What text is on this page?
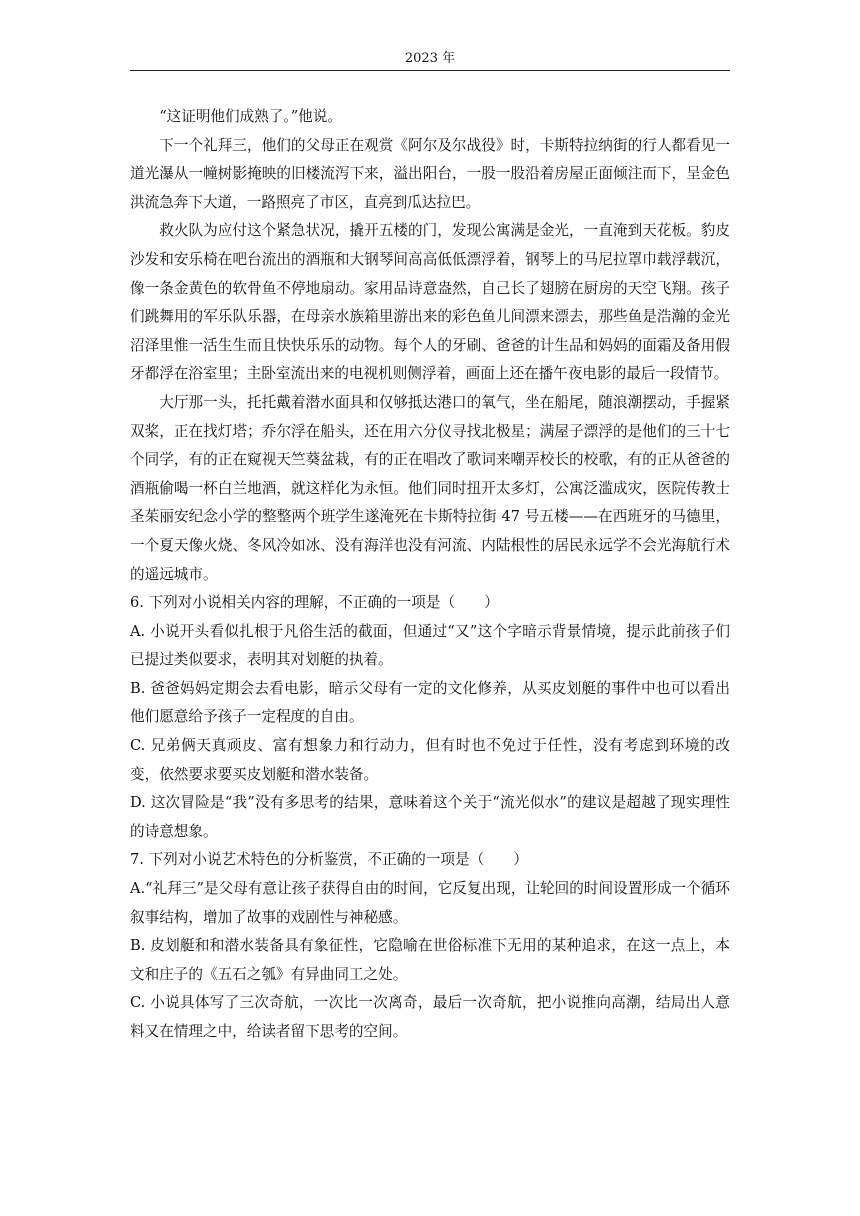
2023 年

“这证明他们成熟了。”他说。

下一个礼拜三，他们的父母正在观赏《阿尔及尔战役》时，卡斯特拉纳街的行人都看见一道光瀑从一幢树影掩映的旧楼流泻下来，溢出阳台，一股一股沿着房屋正面倾注而下，呈金色洪流急奔下大道，一路照亮了市区，直亮到瓜达拉巴。

救火队为应付这个紧急状况，撬开五楼的门，发现公寓满是金光，一直淹到天花板。豹皮沙发和安乐椅在吧台流出的酒瓶和大钢琴间高高低低漂浮着，钢琴上的马尼拉罩巾载浮载沉，像一条金黄色的软骨鱼不停地扇动。家用品诗意盎然，自己长了翅膀在厨房的天空飞翔。孩子们跳舞用的军乐队乐器，在母亲水族箱里游出来的彩色鱼儿间漂来漂去，那些鱼是浩瀚的金光沼泽里惟一活生生而且快快乐乐的动物。每个人的牙刷、爸爸的计生品和妈妈的面霜及备用假牙都浮在浴室里；主卧室流出来的电视机则侧浮着，画面上还在播午夜电影的最后一段情节。

大厅那一头，托托戴着潜水面具和仅够抵达港口的氧气，坐在船尾，随浪潮摆动，手握紧双桨，正在找灯塔；乔尔浮在船头，还在用六分仪寻找北极星；满屋子漂浮的是他们的三十七个同学，有的正在窥视天竺葵盆栽，有的正在唱改了歌词来嘲弄校长的校歌，有的正从爸爸的酒瓶偷喝一杯白兰地酒，就这样化为永恒。他们同时扭开太多灯，公寓泛滥成灾，医院传教士圣茱丽安纪念小学的整整两个班学生遂淹死在卡斯特拉街 47 号五楼——在西班牙的马德里，一个夏天像火烧、冬风冷如冰、没有海洋也没有河流、内陆根性的居民永远学不会光海航行术的遥远城市。

6. 下列对小说相关内容的理解，不正确的一项是（　　）

A. 小说开头看似扎根于凡俗生活的截面，但通过“又”这个字暗示背景情境，提示此前孩子们已提过类似要求，表明其对划艇的执着。

B. 爸爸妈妈定期会去看电影，暗示父母有一定的文化修养，从买皮划艇的事件中也可以看出他们愿意给予孩子一定程度的自由。

C. 兄弟俩天真顽皮、富有想象力和行动力，但有时也不免过于任性，没有考虑到环境的改变，依然要求要买皮划艇和潜水装备。

D. 这次冒险是“我”没有多思考的结果，意味着这个关于“流光似水”的建议是超越了现实理性的诗意想象。

7. 下列对小说艺术特色的分析鉴赏，不正确的一项是（　　）

A.“礼拜三”是父母有意让孩子获得自由的时间，它反复出现，让轮回的时间设置形成一个循环叙事结构，增加了故事的戏剧性与神秘感。

B. 皮划艇和和潜水装备具有象征性，它隐喻在世俗标准下无用的某种追求，在这一点上，本文和庄子的《五石之瓠》有异曲同工之处。

C. 小说具体写了三次奇航，一次比一次离奇，最后一次奇航，把小说推向高潮，结局出人意料又在情理之中，给读者留下思考的空间。
